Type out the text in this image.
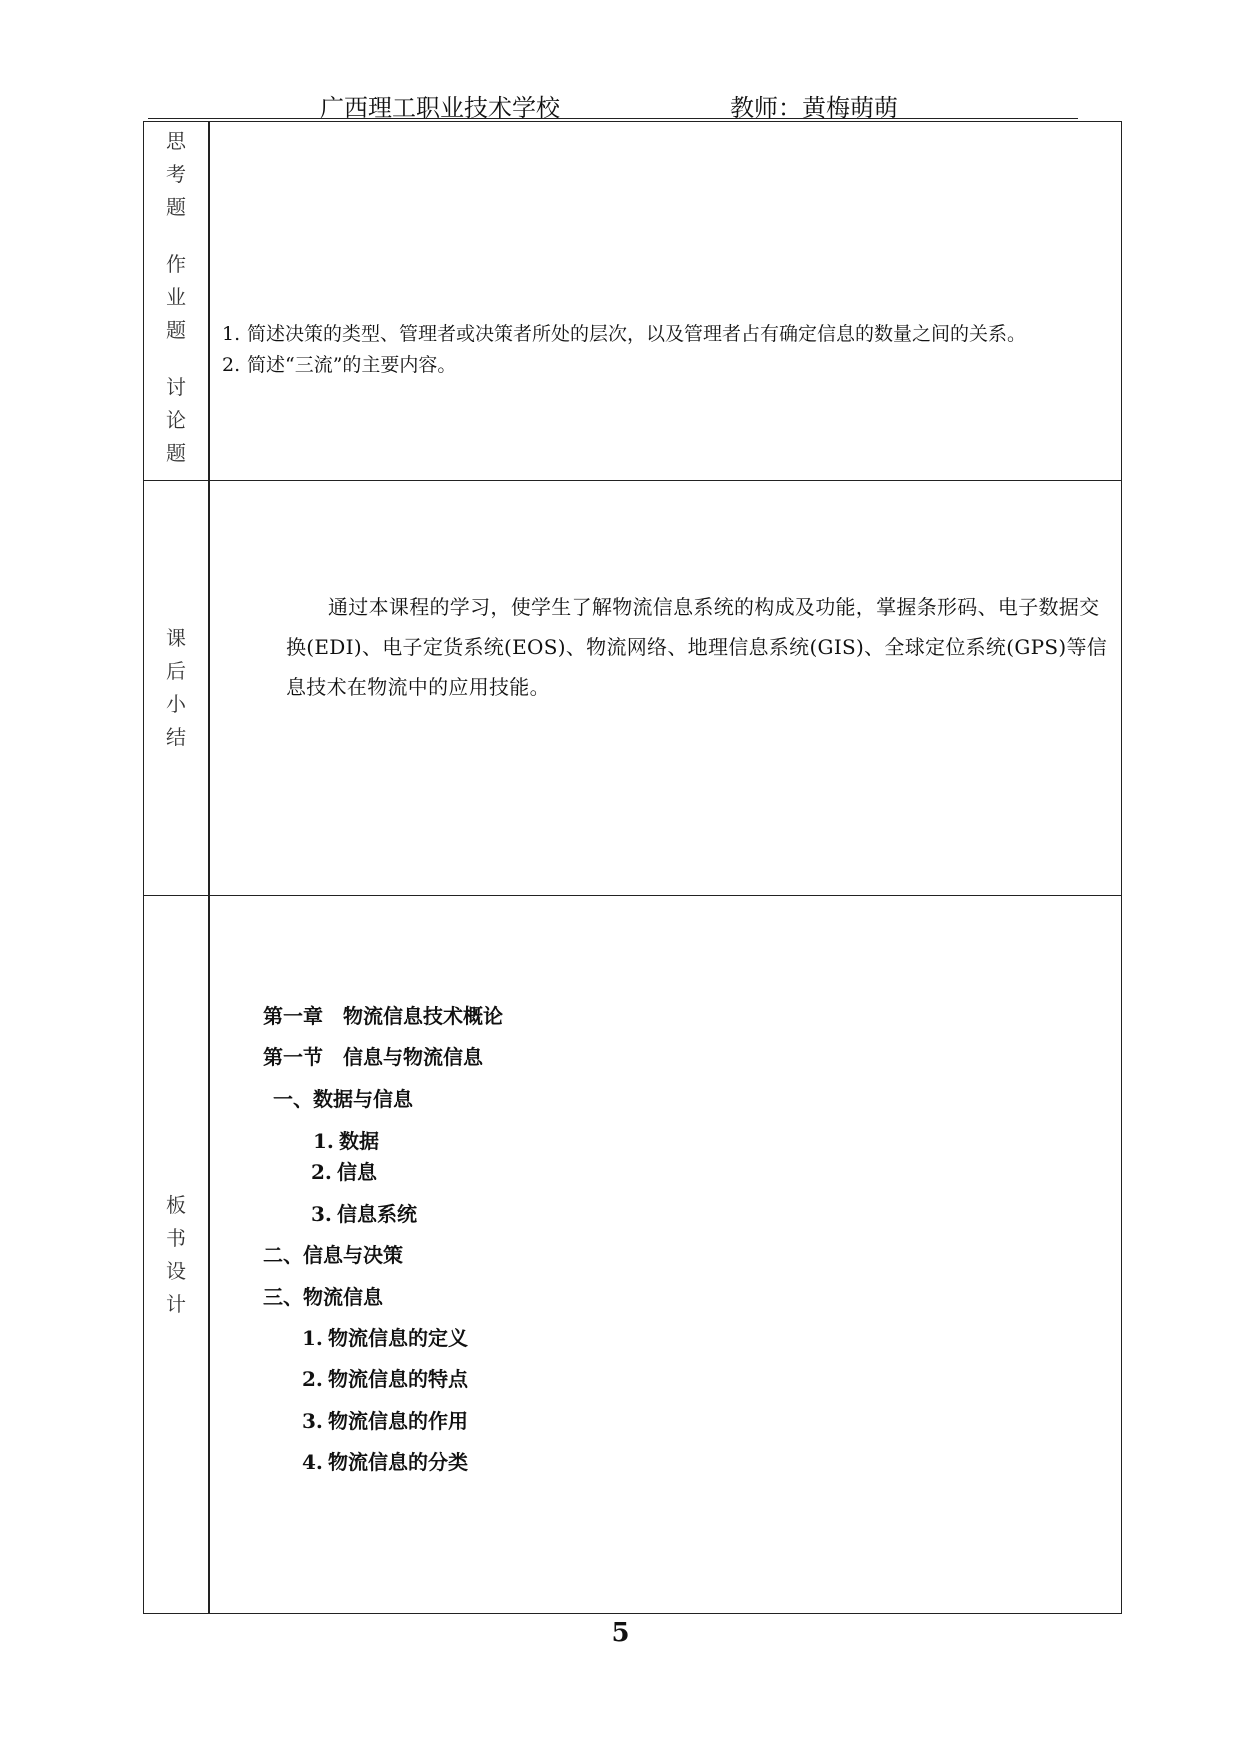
广西理工职业技术学校	教师：黄梅萌萌
思
考
题
作
业
题
讨
论
题
1. 简述决策的类型、管理者或决策者所处的层次，以及管理者占有确定信息的数量之间的关系。
2. 简述“三流”的主要内容。
课
后
小
结
通过本课程的学习，使学生了解物流信息系统的构成及功能，掌握条形码、电子数据交换(EDI)、电子定货系统(EOS)、物流网络、地理信息系统(GIS)、全球定位系统(GPS)等信息技术在物流中的应用技能。
板
书
设
计
第一章　物流信息技术概论
第一节　信息与物流信息
一、数据与信息
1. 数据
2. 信息
3. 信息系统
二、信息与决策
三、物流信息
1. 物流信息的定义
2. 物流信息的特点
3. 物流信息的作用
4. 物流信息的分类
5
